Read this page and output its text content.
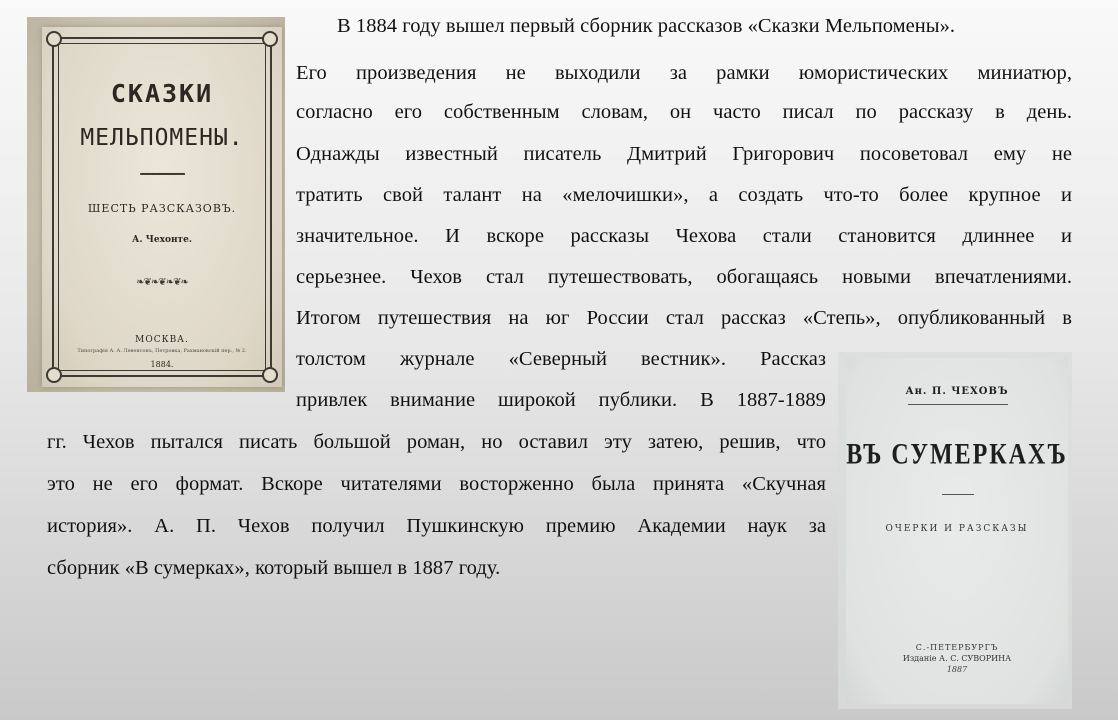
В 1884 году вышел первый сборник рассказов «Сказки Мельпомены».
Его произведения не выходили за рамки юмористических миниатюр,
согласно его собственным словам, он часто писал по рассказу в день.
Однажды известный писатель Дмитрий Григорович посоветовал ему не
тратить свой талант на «мелочишки», а создать что-то более крупное и
значительное. И вскоре рассказы Чехова стали становится длиннее и
серьезнее. Чехов стал путешествовать, обогащаясь новыми впечатлениями.
Итогом путешествия на юг России стал рассказ «Степь», опубликованный в
толстом журнале «Северный вестник». Рассказ
привлек внимание широкой публики. В 1887-1889
гг. Чехов пытался писать большой роман, но оставил эту затею, решив, что
это не его формат. Вскоре читателями восторженно была принята «Скучная
история». А. П. Чехов получил Пушкинскую премию Академии наук за
сборник «В сумерках», который вышел в 1887 году.
СКАЗКИ
МЕЛЬПОМЕНЫ.
━━━━━━━
ШЕСТЬ РАЗСКАЗОВЪ.
А. Чехонте.
❧❦❧❦❧❦❧
МОСКВА.
Типографiя А. А. Левенсонъ, Петровка, Рахмановскiй пер., № 2.
1884.
Ан. П. ЧЕХОВЪ
ВЪ СУМЕРКАХЪ
ОЧЕРКИ И РАЗСКАЗЫ
С.-ПЕТЕРБУРГЪ
Изданiе А. С. СУВОРИНА
1887
